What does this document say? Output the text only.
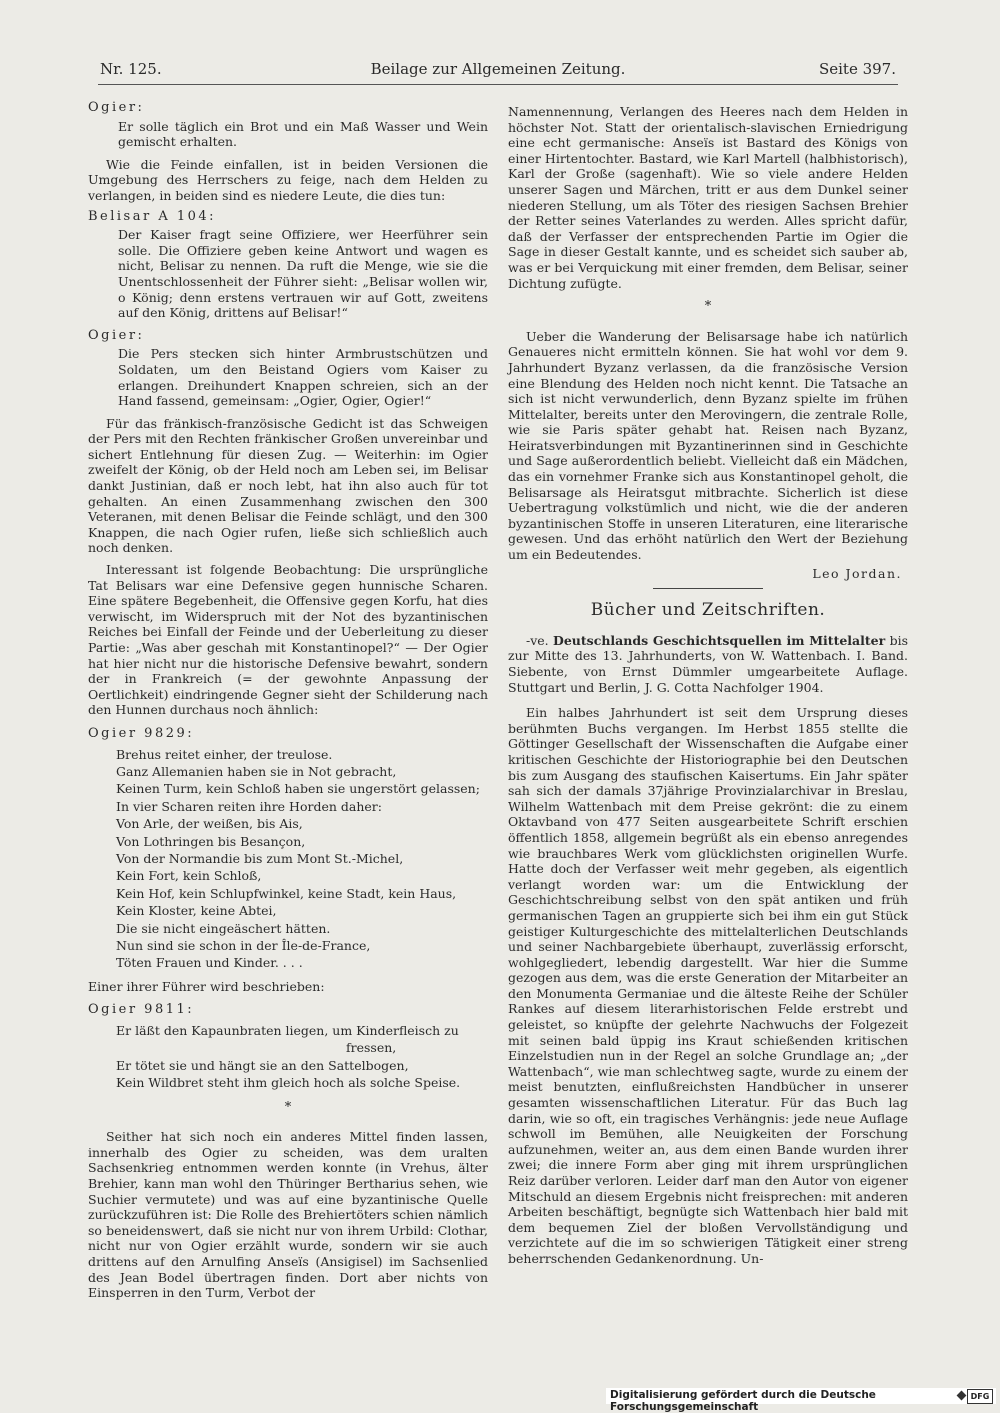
Nr. 125.	Beilage zur Allgemeinen Zeitung.	Seite 397.
Ogier:

Er solle täglich ein Brot und ein Maß Wasser und Wein gemischt erhalten.

Wie die Feinde einfallen, ist in beiden Versionen die Umgebung des Herrschers zu feige, nach dem Helden zu verlangen, in beiden sind es niedere Leute, die dies tun:

Belisar A 104:

Der Kaiser fragt seine Offiziere, wer Heerführer sein solle. Die Offiziere geben keine Antwort und wagen es nicht, Belisar zu nennen. Da ruft die Menge, wie sie die Unentschlossenheit der Führer sieht: „Belisar wollen wir, o König; denn erstens vertrauen wir auf Gott, zweitens auf den König, drittens auf Belisar!“

Ogier:

Die Pers stecken sich hinter Armbrustschützen und Soldaten, um den Beistand Ogiers vom Kaiser zu erlangen. Dreihundert Knappen schreien, sich an der Hand fassend, gemeinsam: „Ogier, Ogier, Ogier!“

Für das fränkisch-französische Gedicht ist das Schweigen der Pers mit den Rechten fränkischer Großen unvereinbar und sichert Entlehnung für diesen Zug. — Weiterhin: im Ogier zweifelt der König, ob der Held noch am Leben sei, im Belisar dankt Justinian, daß er noch lebt, hat ihn also auch für tot gehalten. An einen Zusammenhang zwischen den 300 Veteranen, mit denen Belisar die Feinde schlägt, und den 300 Knappen, die nach Ogier rufen, ließe sich schließlich auch noch denken.

Interessant ist folgende Beobachtung: Die ursprüngliche Tat Belisars war eine Defensive gegen hunnische Scharen. Eine spätere Begebenheit, die Offensive gegen Korfu, hat dies verwischt, im Widerspruch mit der Not des byzantinischen Reiches bei Einfall der Feinde und der Ueberleitung zu dieser Partie: „Was aber geschah mit Konstantinopel?“ — Der Ogier hat hier nicht nur die historische Defensive bewahrt, sondern der in Frankreich (= der gewohnte Anpassung der Oertlichkeit) eindringende Gegner sieht der Schilderung nach den Hunnen durchaus noch ähnlich:

Ogier 9829:
Brehus reitet einher, der treulose.
Ganz Allemanien haben sie in Not gebracht,
Keinen Turm, kein Schloß haben sie ungerstört gelassen;
In vier Scharen reiten ihre Horden daher:
Von Arle, der weißen, bis Ais,
Von Lothringen bis Besançon,
Von der Normandie bis zum Mont St.-Michel,
Kein Fort, kein Schloß,
Kein Hof, kein Schlupfwinkel, keine Stadt, kein Haus,
Kein Kloster, keine Abtei,
Die sie nicht eingeäschert hätten.
Nun sind sie schon in der Île-de-France,
Töten Frauen und Kinder. . . .

Einer ihrer Führer wird beschrieben:

Ogier 9811:
Er läßt den Kapaunbraten liegen, um Kinderfleisch zu
fressen,
Er tötet sie und hängt sie an den Sattelbogen,
Kein Wildbret steht ihm gleich hoch als solche Speise.
*

Seither hat sich noch ein anderes Mittel finden lassen, innerhalb des Ogier zu scheiden, was dem uralten Sachsenkrieg entnommen werden konnte (in Vrehus, älter Brehier, kann man wohl den Thüringer Bertharius sehen, wie Suchier vermutete) und was auf eine byzantinische Quelle zurückzuführen ist: Die Rolle des Brehiertöters schien nämlich so beneidenswert, daß sie nicht nur von ihrem Urbild: Clothar, nicht nur von Ogier erzählt wurde, sondern wir sie auch drittens auf den Arnulfing Anseïs (Ansigisel) im Sachsenlied des Jean Bodel übertragen finden. Dort aber nichts von Einsperren in den Turm, Verbot der

Namennennung, Verlangen des Heeres nach dem Helden in höchster Not. Statt der orientalisch-slavischen Erniedrigung eine echt germanische: Anseïs ist Bastard des Königs von einer Hirtentochter. Bastard, wie Karl Martell (halbhistorisch), Karl der Große (sagenhaft). Wie so viele andere Helden unserer Sagen und Märchen, tritt er aus dem Dunkel seiner niederen Stellung, um als Töter des riesigen Sachsen Brehier der Retter seines Vaterlandes zu werden. Alles spricht dafür, daß der Verfasser der entsprechenden Partie im Ogier die Sage in dieser Gestalt kannte, und es scheidet sich sauber ab, was er bei Verquickung mit einer fremden, dem Belisar, seiner Dichtung zufügte.

*

Ueber die Wanderung der Belisarsage habe ich natürlich Genaueres nicht ermitteln können. Sie hat wohl vor dem 9. Jahrhundert Byzanz verlassen, da die französische Version eine Blendung des Helden noch nicht kennt. Die Tatsache an sich ist nicht verwunderlich, denn Byzanz spielte im frühen Mittelalter, bereits unter den Merovingern, die zentrale Rolle, wie sie Paris später gehabt hat. Reisen nach Byzanz, Heiratsverbindungen mit Byzantinerinnen sind in Geschichte und Sage außerordentlich beliebt. Vielleicht daß ein Mädchen, das ein vornehmer Franke sich aus Konstantinopel geholt, die Belisarsage als Heiratsgut mitbrachte. Sicherlich ist diese Uebertragung volkstümlich und nicht, wie die der anderen byzantinischen Stoffe in unseren Literaturen, eine literarische gewesen. Und das erhöht natürlich den Wert der Beziehung um ein Bedeutendes.

Leo Jordan.
Bücher und Zeitschriften.

-ve. Deutschlands Geschichtsquellen im Mittelalter bis zur Mitte des 13. Jahrhunderts, von W. Wattenbach. I. Band. Siebente, von Ernst Dümmler umgearbeitete Auflage. Stuttgart und Berlin, J. G. Cotta Nachfolger 1904.

Ein halbes Jahrhundert ist seit dem Ursprung dieses berühmten Buchs vergangen. Im Herbst 1855 stellte die Göttinger Gesellschaft der Wissenschaften die Aufgabe einer kritischen Geschichte der Historiographie bei den Deutschen bis zum Ausgang des staufischen Kaisertums. Ein Jahr später sah sich der damals 37jährige Provinzialarchivar in Breslau, Wilhelm Wattenbach mit dem Preise gekrönt: die zu einem Oktavband von 477 Seiten ausgearbeitete Schrift erschien öffentlich 1858, allgemein begrüßt als ein ebenso anregendes wie brauchbares Werk vom glücklichsten originellen Wurfe. Hatte doch der Verfasser weit mehr gegeben, als eigentlich verlangt worden war: um die Entwicklung der Geschichtschreibung selbst von den spät antiken und früh germanischen Tagen an gruppierte sich bei ihm ein gut Stück geistiger Kulturgeschichte des mittelalterlichen Deutschlands und seiner Nachbargebiete überhaupt, zuverlässig erforscht, wohlgegliedert, lebendig dargestellt. War hier die Summe gezogen aus dem, was die erste Generation der Mitarbeiter an den Monumenta Germaniae und die älteste Reihe der Schüler Rankes auf diesem literarhistorischen Felde erstrebt und geleistet, so knüpfte der gelehrte Nachwuchs der Folgezeit mit seinen bald üppig ins Kraut schießenden kritischen Einzelstudien nun in der Regel an solche Grundlage an; „der Wattenbach“, wie man schlechtweg sagte, wurde zu einem der meist benutzten, einflußreichsten Handbücher in unserer gesamten wissenschaftlichen Literatur. Für das Buch lag darin, wie so oft, ein tragisches Verhängnis: jede neue Auflage schwoll im Bemühen, alle Neuigkeiten der Forschung aufzunehmen, weiter an, aus dem einen Bande wurden ihrer zwei; die innere Form aber ging mit ihrem ursprünglichen Reiz darüber verloren. Leider darf man den Autor von eigener Mitschuld an diesem Ergebnis nicht freisprechen: mit anderen Arbeiten beschäftigt, begnügte sich Wattenbach hier bald mit dem bequemen Ziel der bloßen Vervollständigung und verzichtete auf die im so schwierigen Tätigkeit einer streng beherrschenden Gedankenordnung. Un-

Digitalisierung gefördert durch die Deutsche Forschungsgemeinschaft
DFG
